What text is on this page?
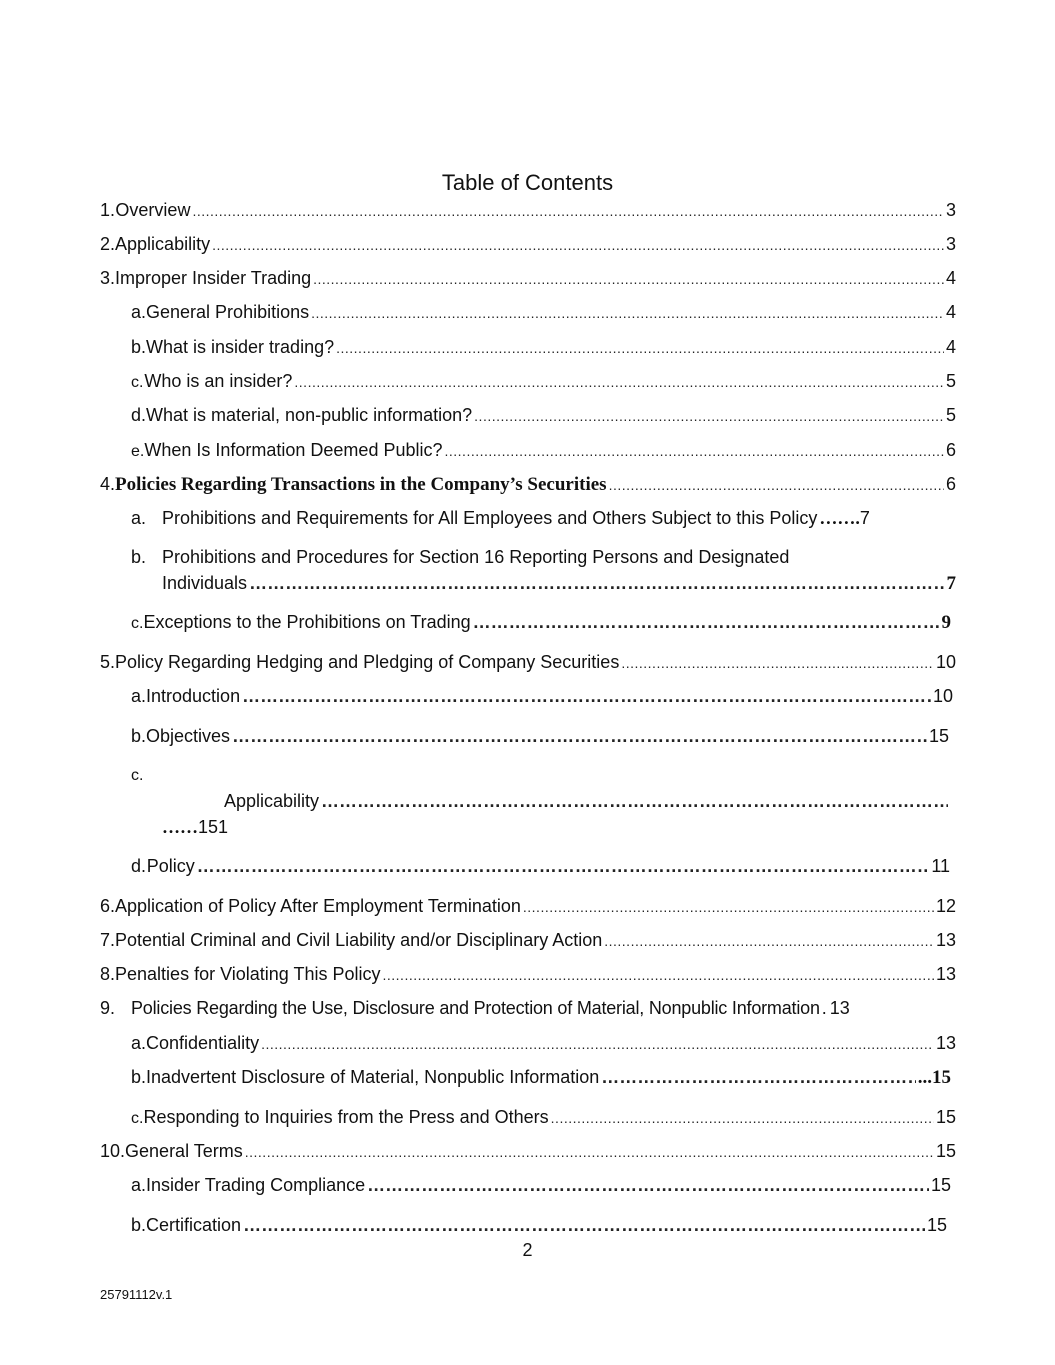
Table of Contents
1. Overview .....	3
2. Applicability .....	3
3. Improper Insider Trading .....	4
a. General Prohibitions .....	4
b. What is insider trading? .....	4
c. Who is an insider? .....	5
d. What is material, non-public information? .....	5
e. When Is Information Deemed Public? .....	6
4. Policies Regarding Transactions in the Company’s Securities .....	6
a. Prohibitions and Requirements for All Employees and Others Subject to this Policy ……. 7
b. Prohibitions and Procedures for Section 16 Reporting Persons and Designated
Individuals ……………………………………………………………………………………………………………………………………………………………………………………………………………………	7
c. Exceptions to the Prohibitions on Trading ……………………………………………………………………………………………………………………………………………………………………………………………………………………	9
5. Policy Regarding Hedging and Pledging of Company Securities .....	10
a. Introduction ……………………………………………………………………………………………………………………………………………………………………………………………………………………	10
b. Objectives ……………………………………………………………………………………………………………………………………………………………………………………………………………………	15
c.
Applicability
……………………………………………………………………………………………………………………………………………………………………………………………………………………
…… 151
d. Policy ……………………………………………………………………………………………………………………………………………………………………………………………………………………	11
6. Application of Policy After Employment Termination .....	12
7. Potential Criminal and Civil Liability and/or Disciplinary Action .....	13
8. Penalties for Violating This Policy .....	13
9. Policies Regarding the Use, Disclosure and Protection of Material, Nonpublic Information . 13
a. Confidentiality .....	13
b. Inadvertent Disclosure of Material, Nonpublic Information ……………………………………………………………………………………………………………………………………………………………………………………………………………………	...15
c. Responding to Inquiries from the Press and Others .....	15
10. General Terms .....	15
a. Insider Trading Compliance ……………………………………………………………………………………………………………………………………………………………………………………………………………………	15
b. Certification ……………………………………………………………………………………………………………………………………………………………………………………………………………………	15
2
25791112v.1
